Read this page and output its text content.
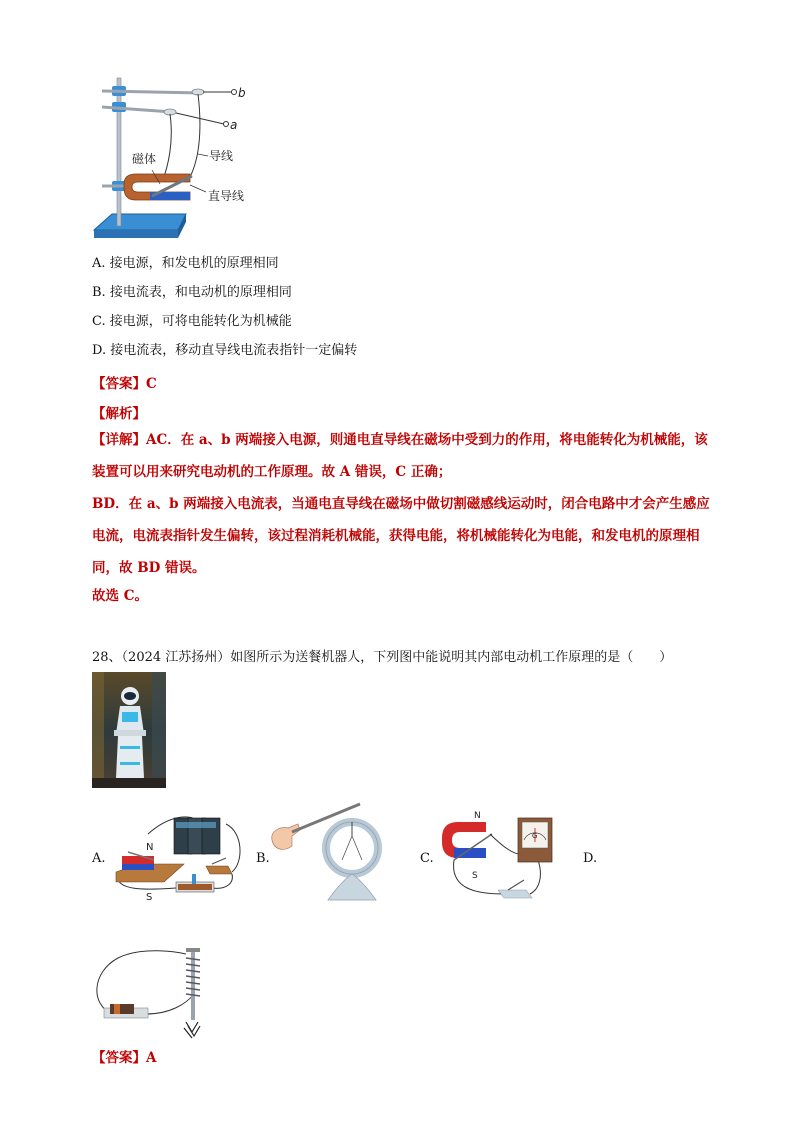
b
a
磁体	导线
直导线
A. 接电源，和发电机的原理相同
B. 接电流表，和电动机的原理相同
C. 接电源，可将电能转化为机械能
D. 接电流表，移动直导线电流表指针一定偏转
【答案】C
【解析】
【详解】AC．在 a、b 两端接入电源，则通电直导线在磁场中受到力的作用，将电能转化为机械能，该装置可以用来研究电动机的工作原理。故 A 错误，C 正确；
BD．在 a、b 两端接入电流表，当通电直导线在磁场中做切割磁感线运动时，闭合电路中才会产生感应电流，电流表指针发生偏转，该过程消耗机械能，获得电能，将机械能转化为电能，和发电机的原理相同，故 BD 错误。
故选 C。
28、（2024 江苏扬州）如图所示为送餐机器人，下列图中能说明其内部电动机工作原理的是（　　）
A.	B.	C.	D.
N
S
N
S
G
【答案】A
